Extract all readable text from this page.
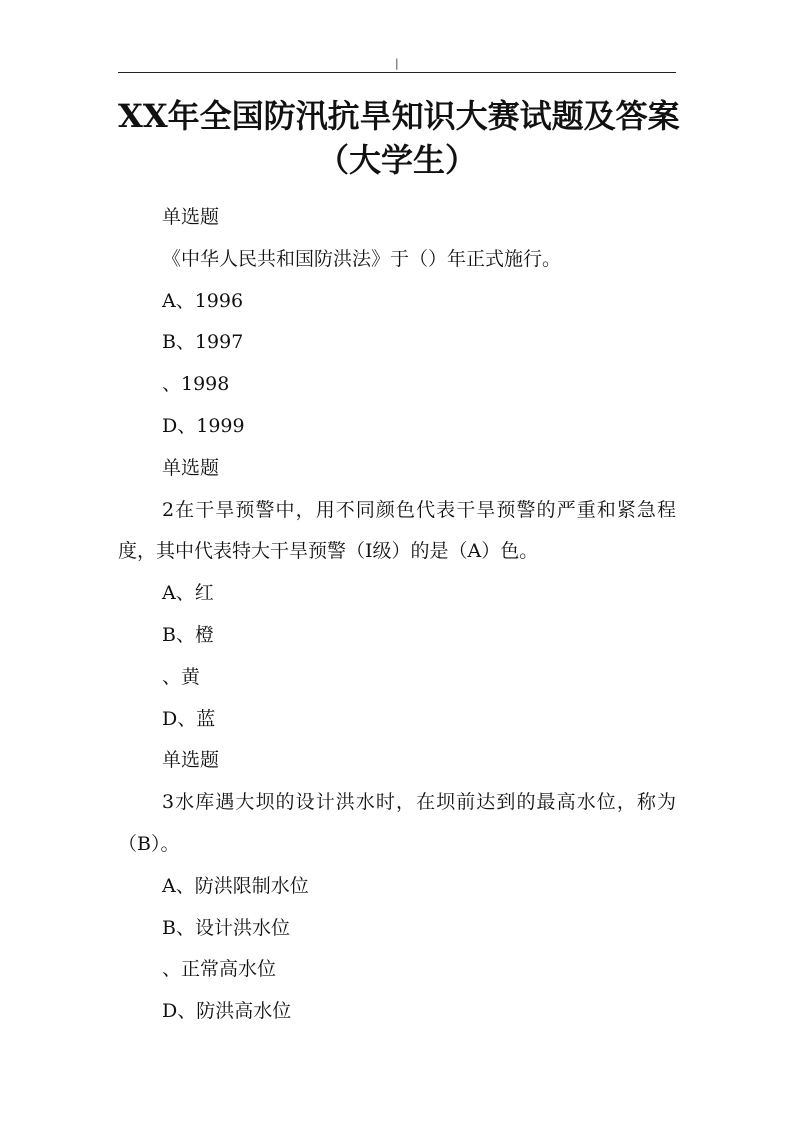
|
XX年全国防汛抗旱知识大赛试题及答案
（大学生）
单选题
《中华人民共和国防洪法》于（）年正式施行。
A、1996
B、1997
、1998
D、1999
单选题
2在干旱预警中，用不同颜色代表干旱预警的严重和紧急程度，其中代表特大干旱预警（Ⅰ级）的是（A）色。
A、红
B、橙
、黄
D、蓝
单选题
3水库遇大坝的设计洪水时，在坝前达到的最高水位，称为（B）。
A、防洪限制水位
B、设计洪水位
、正常高水位
D、防洪高水位
